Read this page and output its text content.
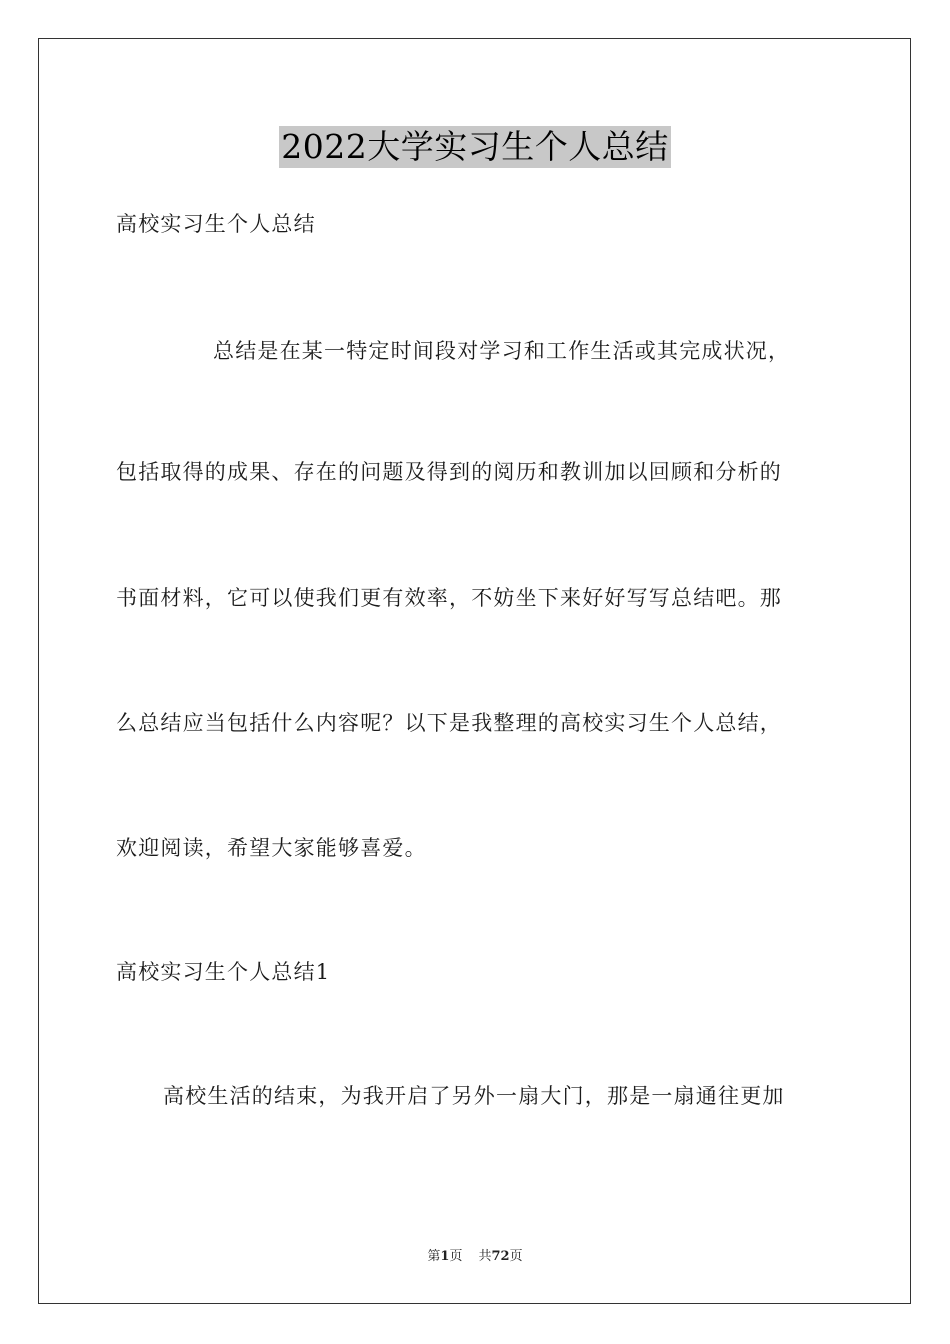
2022大学实习生个人总结

高校实习生个人总结

总结是在某一特定时间段对学习和工作生活或其完成状况，

包括取得的成果、存在的问题及得到的阅历和教训加以回顾和分析的

书面材料，它可以使我们更有效率，不妨坐下来好好写写总结吧。那

么总结应当包括什么内容呢？以下是我整理的高校实习生个人总结，

欢迎阅读，希望大家能够喜爱。

高校实习生个人总结1

高校生活的结束，为我开启了另外一扇大门，那是一扇通往更加

第1页 共72页
